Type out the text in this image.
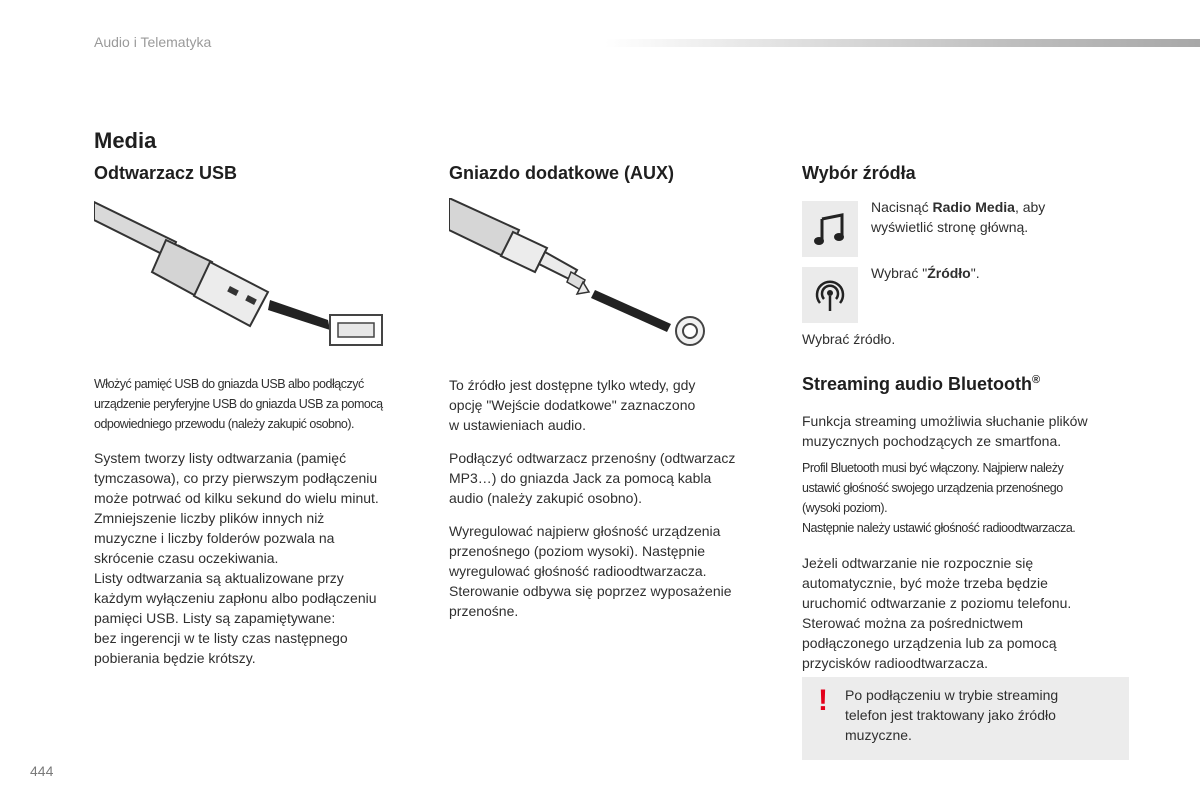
Audio i Telematyka
Media
Odtwarzacz USB	Gniazdo dodatkowe (AUX)	Wybór źródła
Streaming audio Bluetooth®
Włożyć pamięć USB do gniazda USB albo podłączyć
urządzenie peryferyjne USB do gniazda USB za pomocą
odpowiedniego przewodu (należy zakupić osobno).
System tworzy listy odtwarzania (pamięć
tymczasowa), co przy pierwszym podłączeniu
może potrwać od kilku sekund do wielu minut.
Zmniejszenie liczby plików innych niż
muzyczne i liczby folderów pozwala na
skrócenie czasu oczekiwania.
Listy odtwarzania są aktualizowane przy
każdym wyłączeniu zapłonu albo podłączeniu
pamięci USB. Listy są zapamiętywane:
bez ingerencji w te listy czas następnego
pobierania będzie krótszy.
To źródło jest dostępne tylko wtedy, gdy
opcję "Wejście dodatkowe" zaznaczono
w ustawieniach audio.
Podłączyć odtwarzacz przenośny (odtwarzacz
MP3…) do gniazda Jack za pomocą kabla
audio (należy zakupić osobno).
Wyregulować najpierw głośność urządzenia
przenośnego (poziom wysoki). Następnie
wyregulować głośność radioodtwarzacza.
Sterowanie odbywa się poprzez wyposażenie
przenośne.
Nacisnąć Radio Media, aby
wyświetlić stronę główną.
Wybrać "Źródło".
Wybrać źródło.
Funkcja streaming umożliwia słuchanie plików
muzycznych pochodzących ze smartfona.
Profil Bluetooth musi być włączony. Najpierw należy
ustawić głośność swojego urządzenia przenośnego
(wysoki poziom).
Następnie należy ustawić głośność radioodtwarzacza.
Jeżeli odtwarzanie nie rozpocznie się
automatycznie, być może trzeba będzie
uruchomić odtwarzanie z poziomu telefonu.
Sterować można za pośrednictwem
podłączonego urządzenia lub za pomocą
przycisków radioodtwarzacza.
! Po podłączeniu w trybie streaming
telefon jest traktowany jako źródło
muzyczne.
444
